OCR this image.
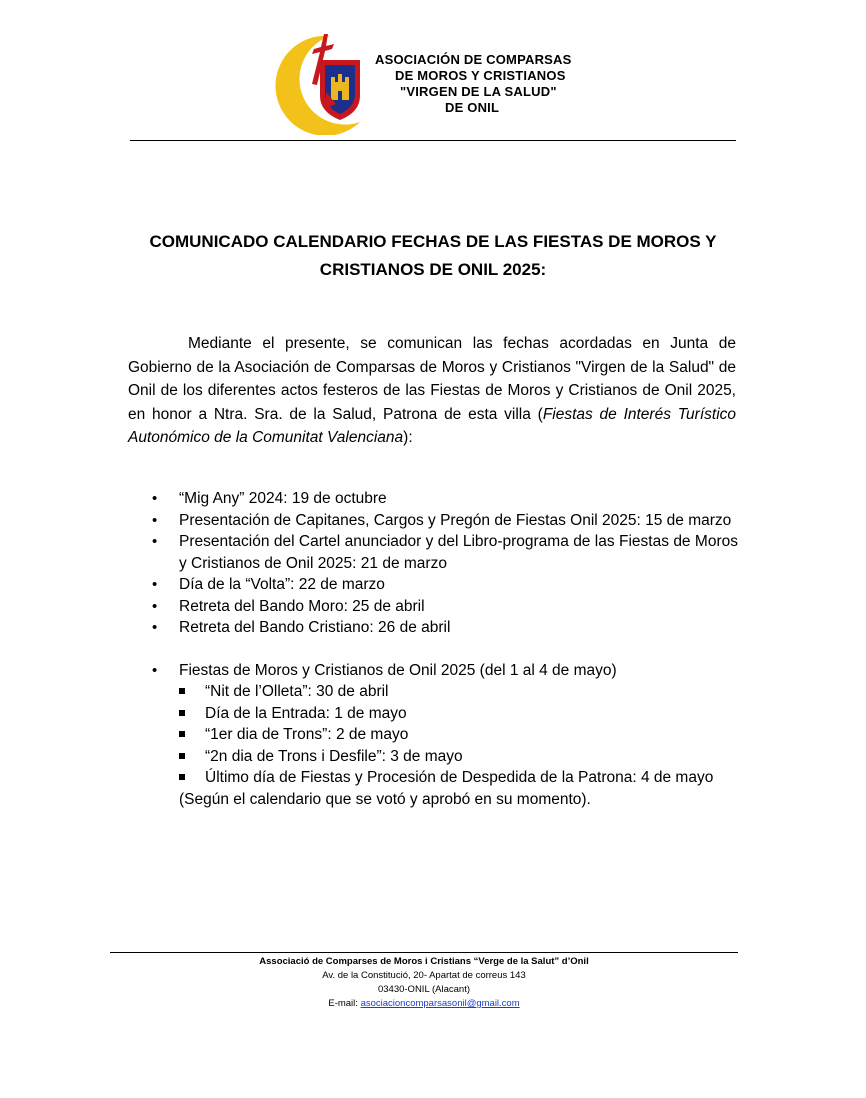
ASOCIACIÓN DE COMPARSAS
DE MOROS Y CRISTIANOS
"VIRGEN DE LA SALUD"
DE ONIL
COMUNICADO CALENDARIO FECHAS DE LAS FIESTAS DE MOROS Y
CRISTIANOS DE ONIL 2025:
Mediante el presente, se comunican las fechas acordadas en Junta de Gobierno de la Asociación de Comparsas de Moros y Cristianos "Virgen de la Salud" de Onil de los diferentes actos festeros de las Fiestas de Moros y Cristianos de Onil 2025, en honor a Ntra. Sra. de la Salud, Patrona de esta villa (Fiestas de Interés Turístico Autonómico de la Comunitat Valenciana):
• “Mig Any” 2024: 19 de octubre
• Presentación de Capitanes, Cargos y Pregón de Fiestas Onil 2025: 15 de marzo
• Presentación del Cartel anunciador y del Libro-programa de las Fiestas de Moros y Cristianos de Onil 2025: 21 de marzo
• Día de la “Volta”: 22 de marzo
• Retreta del Bando Moro: 25 de abril
• Retreta del Bando Cristiano: 26 de abril
• Fiestas de Moros y Cristianos de Onil 2025 (del 1 al 4 de mayo)
“Nit de l’Olleta”: 30 de abril
Día de la Entrada: 1 de mayo
“1er dia de Trons”: 2 de mayo
“2n dia de Trons i Desfile”: 3 de mayo
Último día de Fiestas y Procesión de Despedida de la Patrona: 4 de mayo
(Según el calendario que se votó y aprobó en su momento).
Associació de Comparses de Moros i Cristians “Verge de la Salut” d’Onil
Av. de la Constitució, 20- Apartat de correus 143
03430-ONIL (Alacant)
E-mail: asociacioncomparsasonil@gmail.com
